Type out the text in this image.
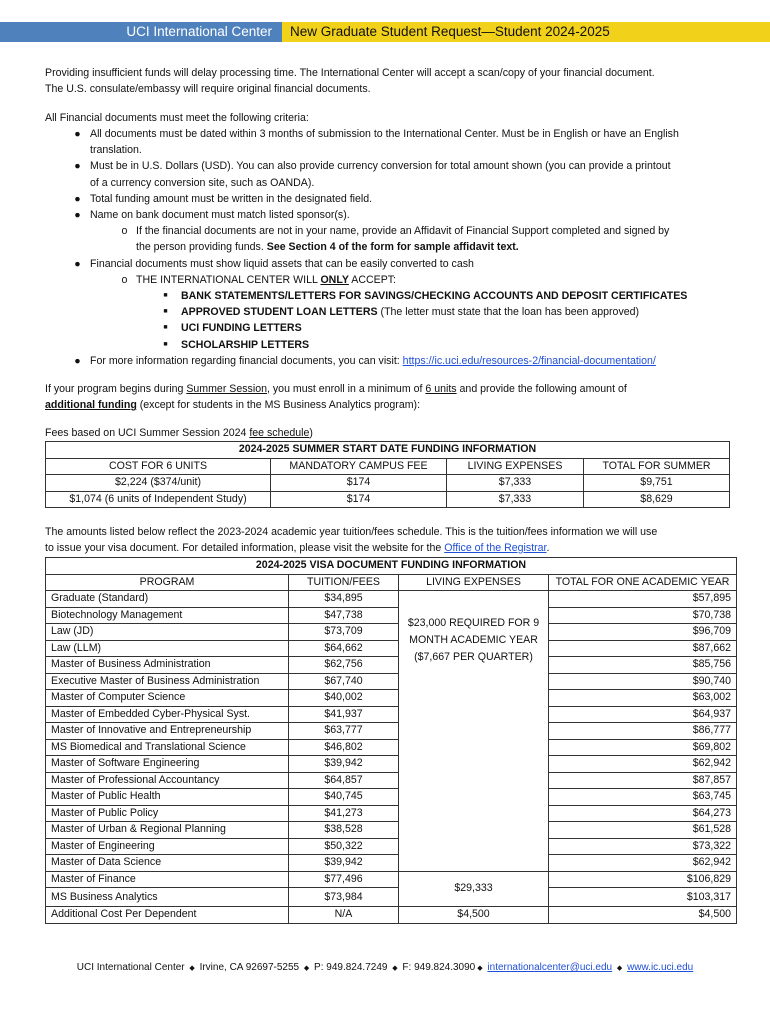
UCI International Center	New Graduate Student Request—Student 2024-2025

Providing insufficient funds will delay processing time. The International Center will accept a scan/copy of your financial document.

The U.S. consulate/embassy will require original financial documents.

All Financial documents must meet the following criteria:

● All documents must be dated within 3 months of submission to the International Center. Must be in English or have an English
translation.
● Must be in U.S. Dollars (USD). You can also provide currency conversion for total amount shown (you can provide a printout
of a currency conversion site, such as OANDA).
● Total funding amount must be written in the designated field.
● Name on bank document must match listed sponsor(s).
o If the financial documents are not in your name, provide an Affidavit of Financial Support completed and signed by
the person providing funds. See Section 4 of the form for sample affidavit text.
● Financial documents must show liquid assets that can be easily converted to cash
o THE INTERNATIONAL CENTER WILL ONLY ACCEPT:
■	BANK STATEMENTS/LETTERS FOR SAVINGS/CHECKING ACCOUNTS AND DEPOSIT CERTIFICATES
■	APPROVED STUDENT LOAN LETTERS (The letter must state that the loan has been approved)
■	UCI FUNDING LETTERS
■	SCHOLARSHIP LETTERS
● For more information regarding financial documents, you can visit: https://ic.uci.edu/resources-2/financial-documentation/

If your program begins during Summer Session, you must enroll in a minimum of 6 units and provide the following amount of
additional funding (except for students in the MS Business Analytics program):

Fees based on UCI Summer Session 2024 fee schedule)

2024-2025 SUMMER START DATE FUNDING INFORMATION			
COST FOR 6 UNITS	MANDATORY CAMPUS FEE	LIVING EXPENSES	TOTAL FOR SUMMER
$2,224 ($374/unit)	$174	$7,333	$9,751
$1,074 (6 units of Independent Study)	$174	$7,333	$8,629

The amounts listed below reflect the 2023-2024 academic year tuition/fees schedule. This is the tuition/fees information we will use
to issue your visa document. For detailed information, please visit the website for the Office of the Registrar.

2024-2025 VISA DOCUMENT FUNDING INFORMATION			
PROGRAM	TUITION/FEES	LIVING EXPENSES	TOTAL FOR ONE ACADEMIC YEAR
Graduate (Standard)	$34,895	$23,000 REQUIRED FOR 9
MONTH ACADEMIC YEAR
($7,667 PER QUARTER)	$57,895
Biotechnology Management	$47,738		$70,738
Law (JD)	$73,709		$96,709
Law (LLM)	$64,662		$87,662
Master of Business Administration	$62,756		$85,756
Executive Master of Business Administration	$67,740		$90,740
Master of Computer Science	$40,002		$63,002
Master of Embedded Cyber-Physical Syst.	$41,937		$64,937
Master of Innovative and Entrepreneurship	$63,777		$86,777
MS Biomedical and Translational Science	$46,802		$69,802
Master of Software Engineering	$39,942		$62,942
Master of Professional Accountancy	$64,857		$87,857
Master of Public Health	$40,745		$63,745
Master of Public Policy	$41,273		$64,273
Master of Urban & Regional Planning	$38,528		$61,528
Master of Engineering	$50,322		$73,322
Master of Data Science	$39,942		$62,942
Master of Finance	$77,496	$29,333	$106,829
MS Business Analytics	$73,984		$103,317
Additional Cost Per Dependent	N/A	$4,500	$4,500
UCI International Center ◆ Irvine, CA 92697-5255 ◆ P: 949.824.7249 ◆ F: 949.824.3090 ◆ internationalcenter@uci.edu ◆ www.ic.uci.edu
